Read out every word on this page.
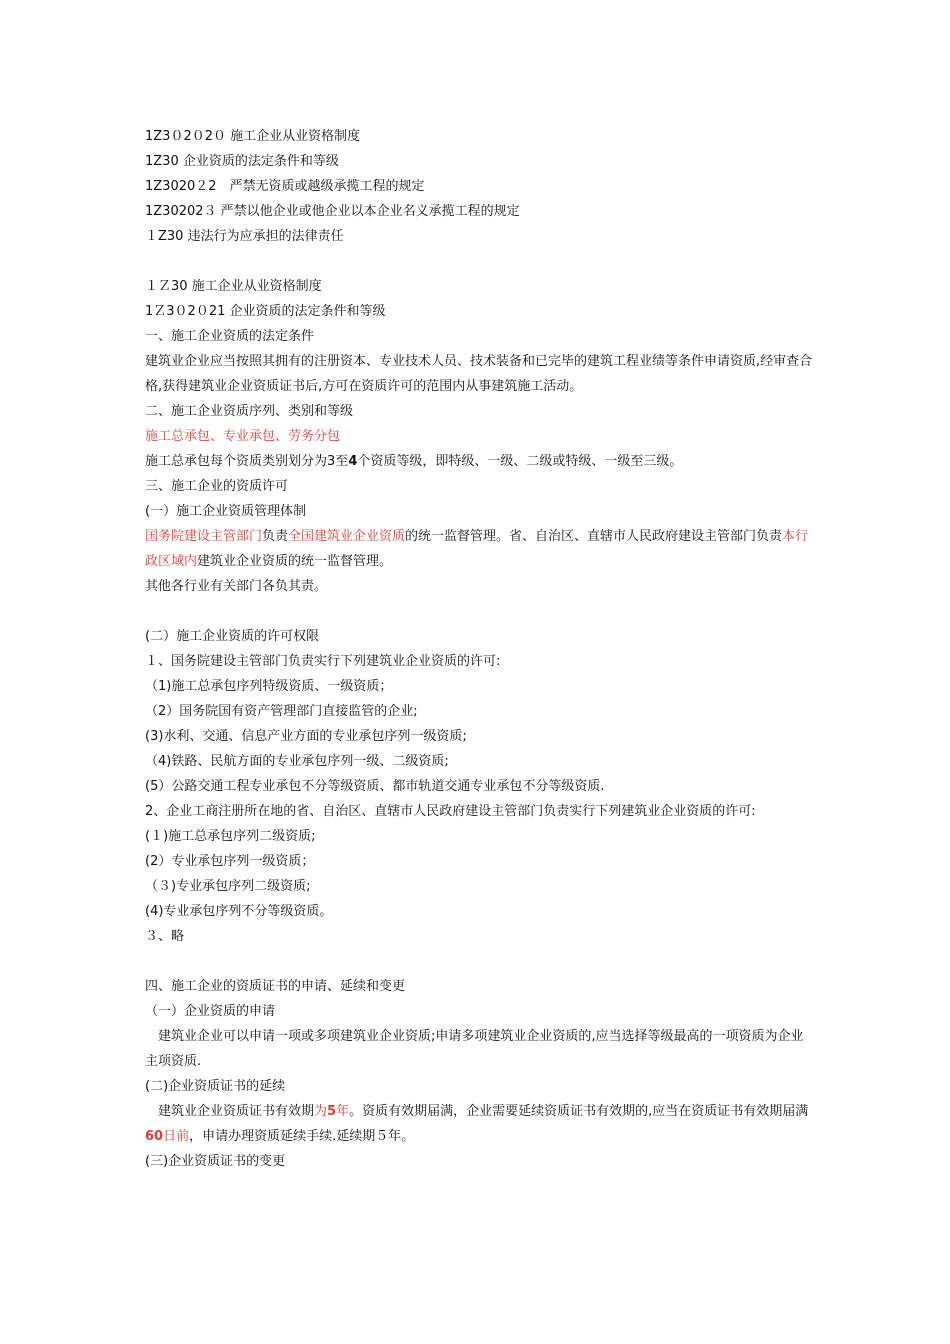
1Z3０2０2０ 施工企业从业资格制度
1Z30 企业资质的法定条件和等级
1Z3020２2　严禁无资质或越级承揽工程的规定
1Z30202３ 严禁以他企业或他企业以本企业名义承揽工程的规定
１Z30 违法行为应承担的法律责任
１Ｚ30 施工企业从业资格制度
1Ｚ3０2０21 企业资质的法定条件和等级
一、施工企业资质的法定条件
建筑业企业应当按照其拥有的注册资本、专业技术人员、技术装备和已完毕的建筑工程业绩等条件申请资质,经审查合格,获得建筑业企业资质证书后,方可在资质许可的范围内从事建筑施工活动。
二、施工企业资质序列、类别和等级
施工总承包、专业承包、劳务分包
施工总承包每个资质类别划分为3至4个资质等级，即特级、一级、二级或特级、一级至三级。
三、施工企业的资质许可
(一）施工企业资质管理体制
国务院建设主管部门负责全国建筑业企业资质的统一监督管理。省、自治区、直辖市人民政府建设主管部门负责本行政区域内建筑业企业资质的统一监督管理。
其他各行业有关部门各负其责。
(二）施工企业资质的许可权限
１、国务院建设主管部门负责实行下列建筑业企业资质的许可:
（1)施工总承包序列特级资质、一级资质；
（2）国务院国有资产管理部门直接监管的企业;
(3)水利、交通、信息产业方面的专业承包序列一级资质;
（4)铁路、民航方面的专业承包序列一级、二级资质;
(5）公路交通工程专业承包不分等级资质、都市轨道交通专业承包不分等级资质.
2、企业工商注册所在地的省、自治区、直辖市人民政府建设主管部门负责实行下列建筑业企业资质的许可:
(１)施工总承包序列二级资质;
(2）专业承包序列一级资质；
（３)专业承包序列二级资质;
(4)专业承包序列不分等级资质。
３、略
四、施工企业的资质证书的申请、延续和变更
（一）企业资质的申请
　建筑业企业可以申请一项或多项建筑业企业资质;申请多项建筑业企业资质的,应当选择等级最高的一项资质为企业主项资质.
(二)企业资质证书的延续
　建筑业企业资质证书有效期为5年。资质有效期届满，企业需要延续资质证书有效期的,应当在资质证书有效期届满60日前，申请办理资质延续手续.延续期５年。
(三)企业资质证书的变更
